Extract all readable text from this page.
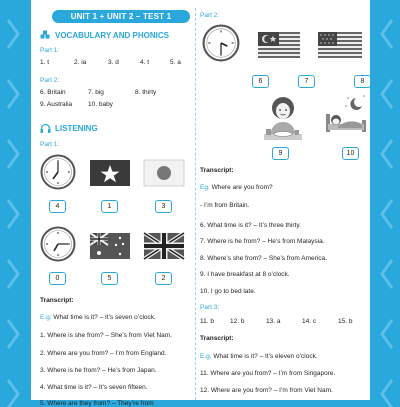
UNIT 1 + UNIT 2 – TEST 1
VOCABULARY AND PHONICS
Part 1:
1. t	2. ia	3. d	4. t	5. a
Part 2:
6. Britain	7. big	8. thirty
9. Australia 10. baby
LISTENING
Part 1:
4	1	3
0	5	2
Transcript:
E.g: What time is it? – It’s seven o’clock.
1. Where is she from? – She’s from Viet Nam.
2. Where are you from? – I’m from England.
3. Where is he from? – He’s from Japan.
4. What time is it? – It’s seven fifteen.
5. Where are they from? – They’re from
Part 2:
6	7	8
9	10
Transcript:
Eg. Where are you from?
- I’m from Britain.
6. What time is it? – It’s three thirty.
7. Where is he from? – He’s from Malaysia.
8. Where’s she from? – She’s from America.
9. I have breakfast at 8 o’clock.
10. I go to bed late.
Part 3:
11. b 12. b	13. a	14. c	15. b
Transcript:
E.g. What time is it? – It’s eleven o’clock.
11. Where are you from? – I’m from Singapore.
12. Where are you from? – I’m from Viet Nam.
